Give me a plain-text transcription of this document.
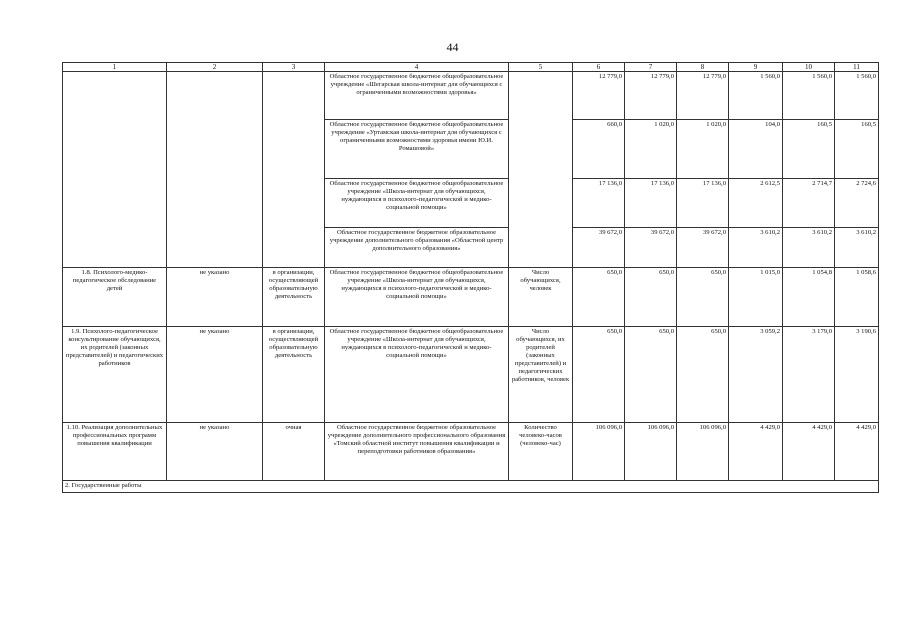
44
1	2	3	4	5	6	7	8	9	10	11
			Областное государственное бюджетное общеобразовательное учреждение «Шегарская школа-интернат для обучающихся с ограниченными возможностями здоровья»		12 779,0	12 779,0	12 779,0	1 560,0	1 560,0	1 560,0
			Областное государственное бюджетное общеобразовательное учреждение «Уртамская школа-интернат для обучающихся с ограниченными возможностями здоровья имени Ю.И. Ромашовой»		660,0	1 020,0	1 020,0	104,0	160,5	160,5
			Областное государственное бюджетное общеобразовательное учреждение «Школа-интернат для обучающихся, нуждающихся в психолого-педагогической и медико-социальной помощи»		17 136,0	17 136,0	17 136,0	2 612,5	2 714,7	2 724,6
			Областное государственное бюджетное образовательное учреждение дополнительного образования «Областной центр дополнительного образования»		39 672,0	39 672,0	39 672,0	3 610,2	3 610,2	3 610,2
1.8. Психолого-медико-педагогическое обследование детей	не указано	в организации, осуществляющей образовательную деятельность	Областное государственное бюджетное общеобразовательное учреждение «Школа-интернат для обучающихся, нуждающихся в психолого-педагогической и медико-социальной помощи»	Число обучающихся, человек	650,0	650,0	650,0	1 015,0	1 054,8	1 058,6
1.9. Психолого-педагогическое консультирование обучающихся, их родителей (законных представителей) и педагогических работников	не указано	в организации, осуществляющей образовательную деятельность	Областное государственное бюджетное общеобразовательное учреждение «Школа-интернат для обучающихся, нуждающихся в психолого-педагогической и медико-социальной помощи»	Число обучающихся, их родителей (законных представителей) и педагогических работников, человек	650,0	650,0	650,0	3 059,2	3 179,0	3 190,6
1.10. Реализация дополнительных профессиональных программ повышения квалификации	не указано	очная	Областное государственное бюджетное образовательное учреждение дополнительного профессионального образования «Томский областной институт повышения квалификации и переподготовки работников образования»	Количество человеко-часов (человеко-час)	106 096,0	106 096,0	106 096,0	4 429,0	4 429,0	4 429,0
2. Государственные работы										
